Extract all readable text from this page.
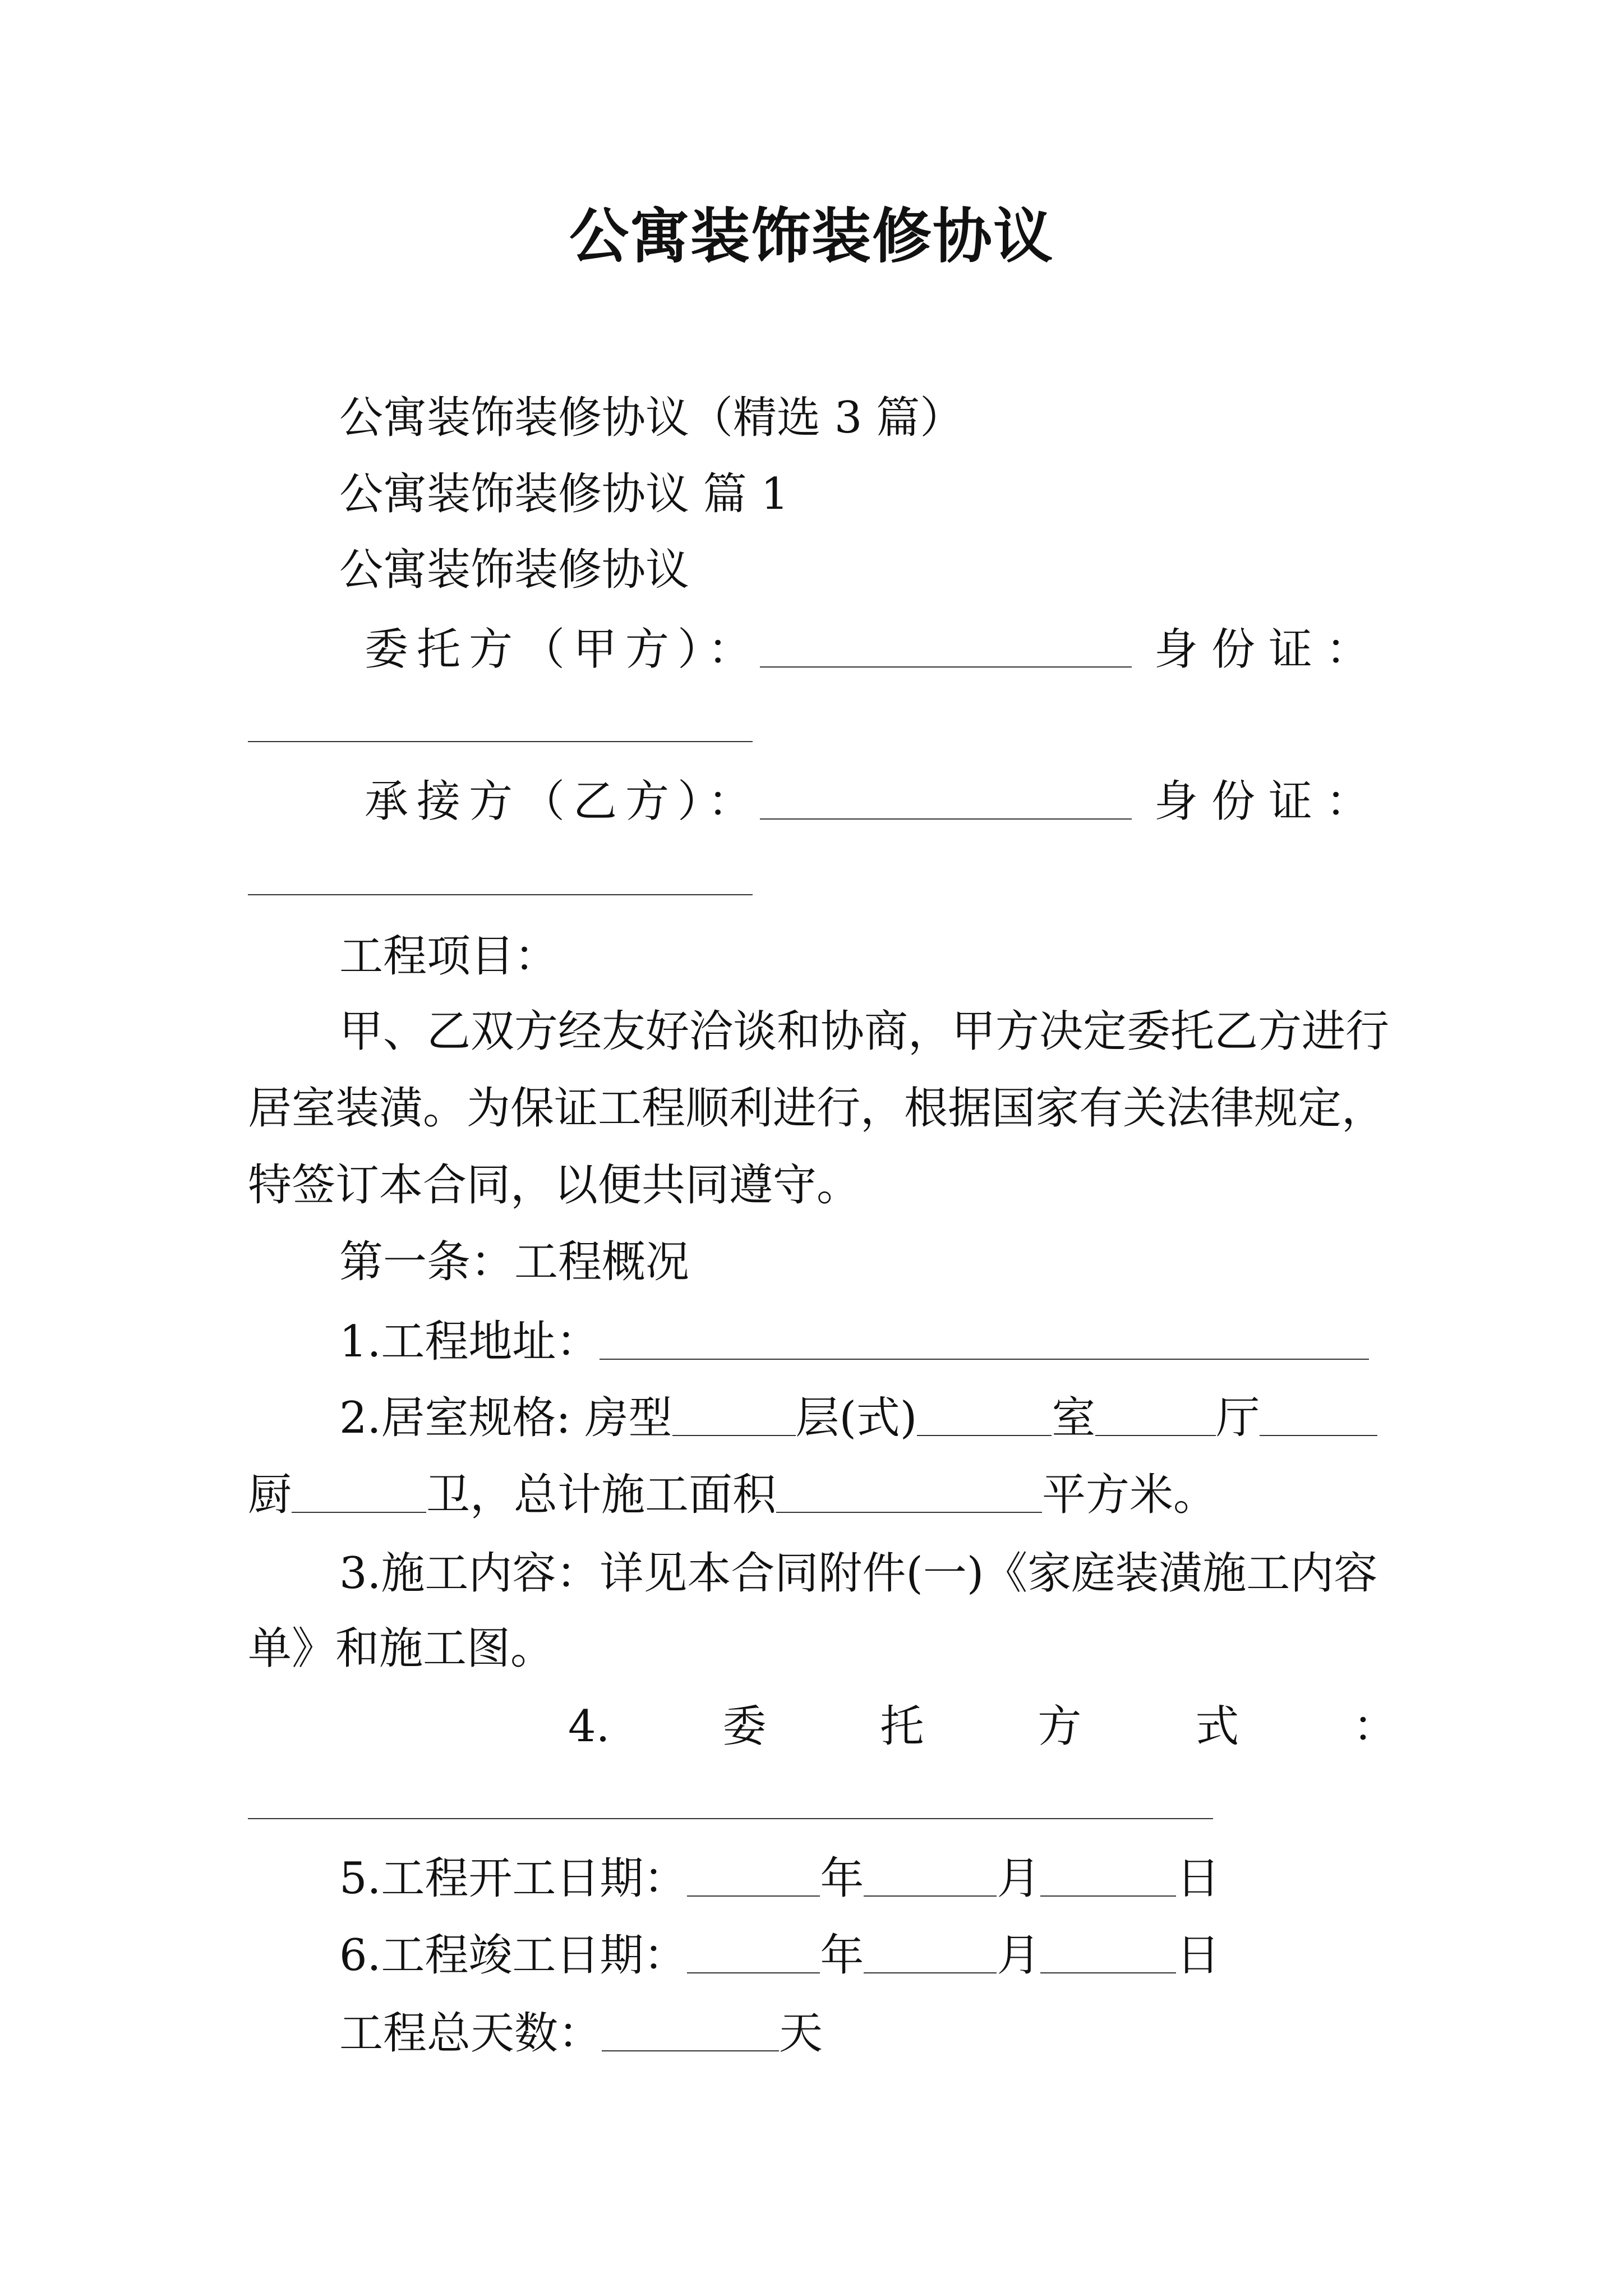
公寓装饰装修协议
公寓装饰装修协议（精选 3 篇）
公寓装饰装修协议 篇 1
公寓装饰装修协议
委托方（甲方）：	身份证：
承接方（乙方）：	身份证：
工程项目：
甲、乙双方经友好洽谈和协商，甲方决定委托乙方进行
居室装潢。为保证工程顺利进行，根据国家有关法律规定，
特签订本合同，以便共同遵守。
第一条：工程概况
1.工程地址：
2.居室规格: 房型	层(式)	室	厅
厨	卫，总计施工面积	平方米。
3.施工内容：详见本合同附件(一)《家庭装潢施工内容
单》和施工图。
4.	委托方式：
5.工程开工日期：	年	月	日
6.工程竣工日期：	年	月	日
工程总天数：	天
